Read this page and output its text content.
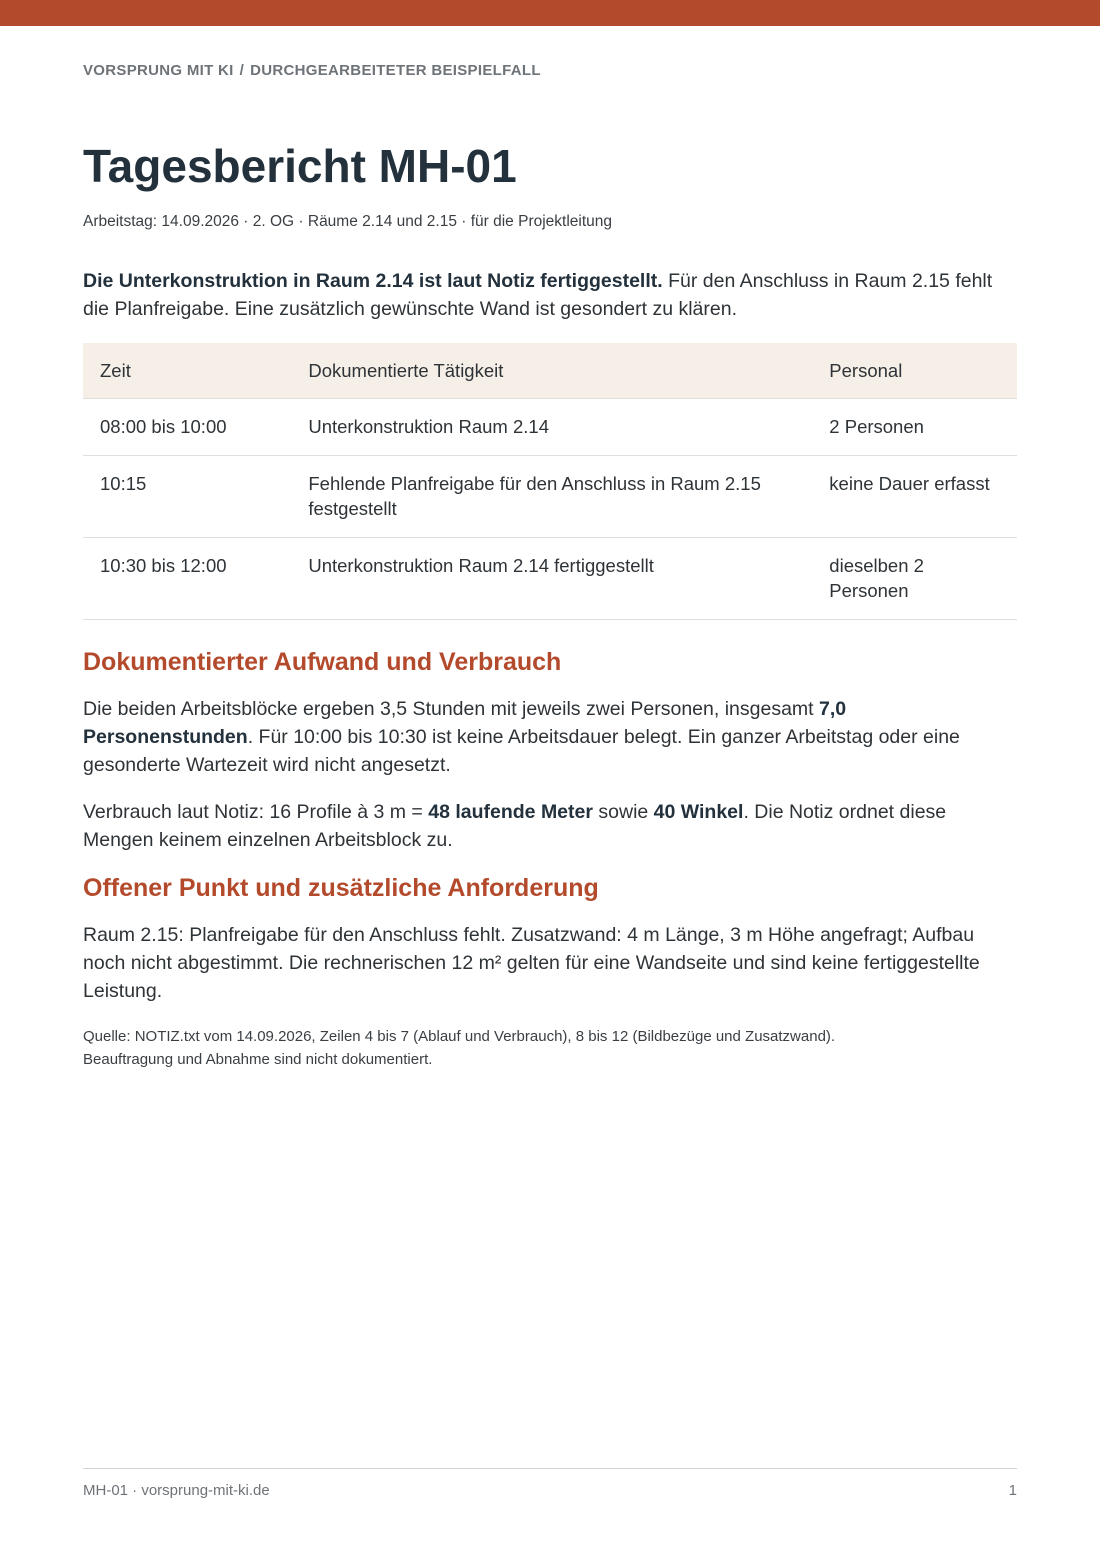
VORSPRUNG MIT KI / DURCHGEARBEITETER BEISPIELFALL
Tagesbericht MH-01
Arbeitstag: 14.09.2026 · 2. OG · Räume 2.14 und 2.15 · für die Projektleitung

Die Unterkonstruktion in Raum 2.14 ist laut Notiz fertiggestellt. Für den Anschluss in Raum 2.15 fehlt die Planfreigabe. Eine zusätzlich gewünschte Wand ist gesondert zu klären.

Zeit	Dokumentierte Tätigkeit	Personal
08:00 bis 10:00	Unterkonstruktion Raum 2.14	2 Personen
10:15	Fehlende Planfreigabe für den Anschluss in Raum 2.15 festgestellt	keine Dauer erfasst
10:30 bis 12:00	Unterkonstruktion Raum 2.14 fertiggestellt	dieselben 2 Personen
Dokumentierter Aufwand und Verbrauch

Die beiden Arbeitsblöcke ergeben 3,5 Stunden mit jeweils zwei Personen, insgesamt 7,0 Personenstunden. Für 10:00 bis 10:30 ist keine Arbeitsdauer belegt. Ein ganzer Arbeitstag oder eine gesonderte Wartezeit wird nicht angesetzt.

Verbrauch laut Notiz: 16 Profile à 3 m = 48 laufende Meter sowie 40 Winkel. Die Notiz ordnet diese Mengen keinem einzelnen Arbeitsblock zu.

Offener Punkt und zusätzliche Anforderung

Raum 2.15: Planfreigabe für den Anschluss fehlt. Zusatzwand: 4 m Länge, 3 m Höhe angefragt; Aufbau noch nicht abgestimmt. Die rechnerischen 12 m² gelten für eine Wandseite und sind keine fertiggestellte Leistung.

Quelle: NOTIZ.txt vom 14.09.2026, Zeilen 4 bis 7 (Ablauf und Verbrauch), 8 bis 12 (Bildbezüge und Zusatzwand).
Beauftragung und Abnahme sind nicht dokumentiert.

MH-01 · vorsprung-mit-ki.de	1
